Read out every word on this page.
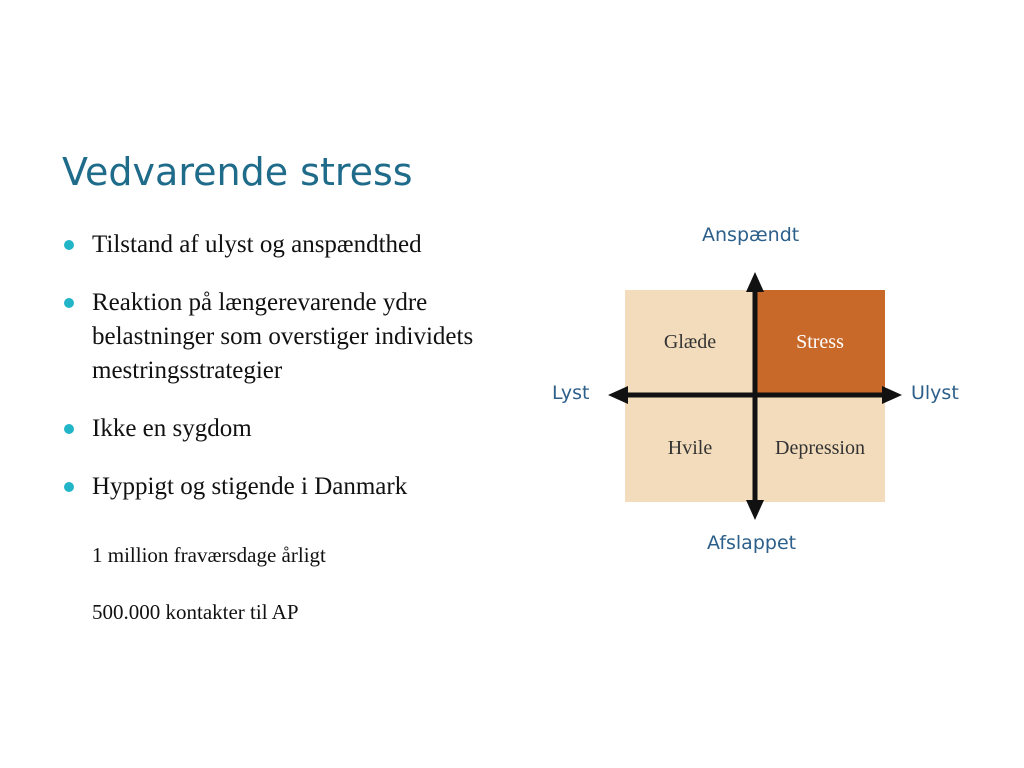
Vedvarende stress
Tilstand af ulyst og anspændthed
Reaktion på længerevarende ydre belastninger som overstiger individets mestringsstrategier
Ikke en sygdom
Hyppigt og stigende i Danmark
1 million fraværsdage årligt
500.000 kontakter til AP
Glæde	Stress
Hvile	Depression
Anspændt
Afslappet
Lyst	Ulyst
